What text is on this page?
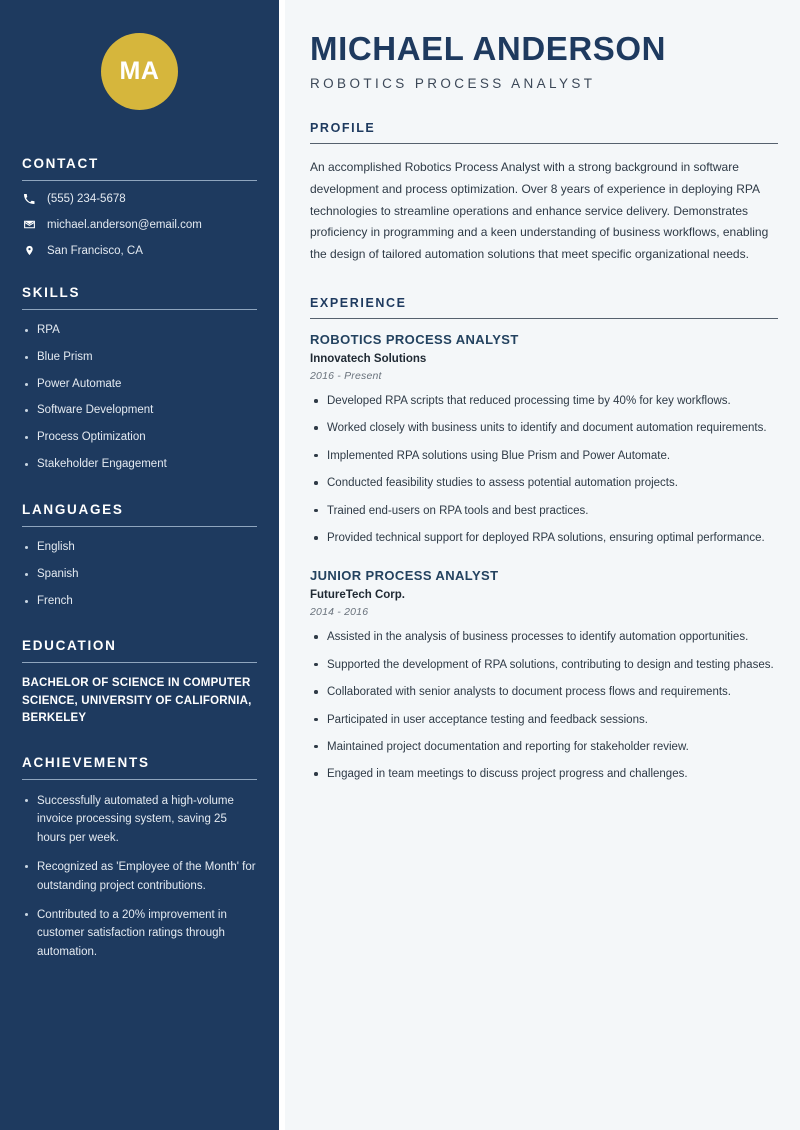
MA
CONTACT
(555) 234-5678
michael.anderson@email.com
San Francisco, CA
SKILLS
RPA
Blue Prism
Power Automate
Software Development
Process Optimization
Stakeholder Engagement
LANGUAGES
English
Spanish
French
EDUCATION
BACHELOR OF SCIENCE IN COMPUTER SCIENCE, UNIVERSITY OF CALIFORNIA, BERKELEY
ACHIEVEMENTS
Successfully automated a high-volume invoice processing system, saving 25 hours per week.
Recognized as 'Employee of the Month' for outstanding project contributions.
Contributed to a 20% improvement in customer satisfaction ratings through automation.
MICHAEL ANDERSON
ROBOTICS PROCESS ANALYST
PROFILE

An accomplished Robotics Process Analyst with a strong background in software development and process optimization. Over 8 years of experience in deploying RPA technologies to streamline operations and enhance service delivery. Demonstrates proficiency in programming and a keen understanding of business workflows, enabling the design of tailored automation solutions that meet specific organizational needs.

EXPERIENCE
ROBOTICS PROCESS ANALYST
Innovatech Solutions
2016 - Present
Developed RPA scripts that reduced processing time by 40% for key workflows.
Worked closely with business units to identify and document automation requirements.
Implemented RPA solutions using Blue Prism and Power Automate.
Conducted feasibility studies to assess potential automation projects.
Trained end-users on RPA tools and best practices.
Provided technical support for deployed RPA solutions, ensuring optimal performance.
JUNIOR PROCESS ANALYST
FutureTech Corp.
2014 - 2016
Assisted in the analysis of business processes to identify automation opportunities.
Supported the development of RPA solutions, contributing to design and testing phases.
Collaborated with senior analysts to document process flows and requirements.
Participated in user acceptance testing and feedback sessions.
Maintained project documentation and reporting for stakeholder review.
Engaged in team meetings to discuss project progress and challenges.
